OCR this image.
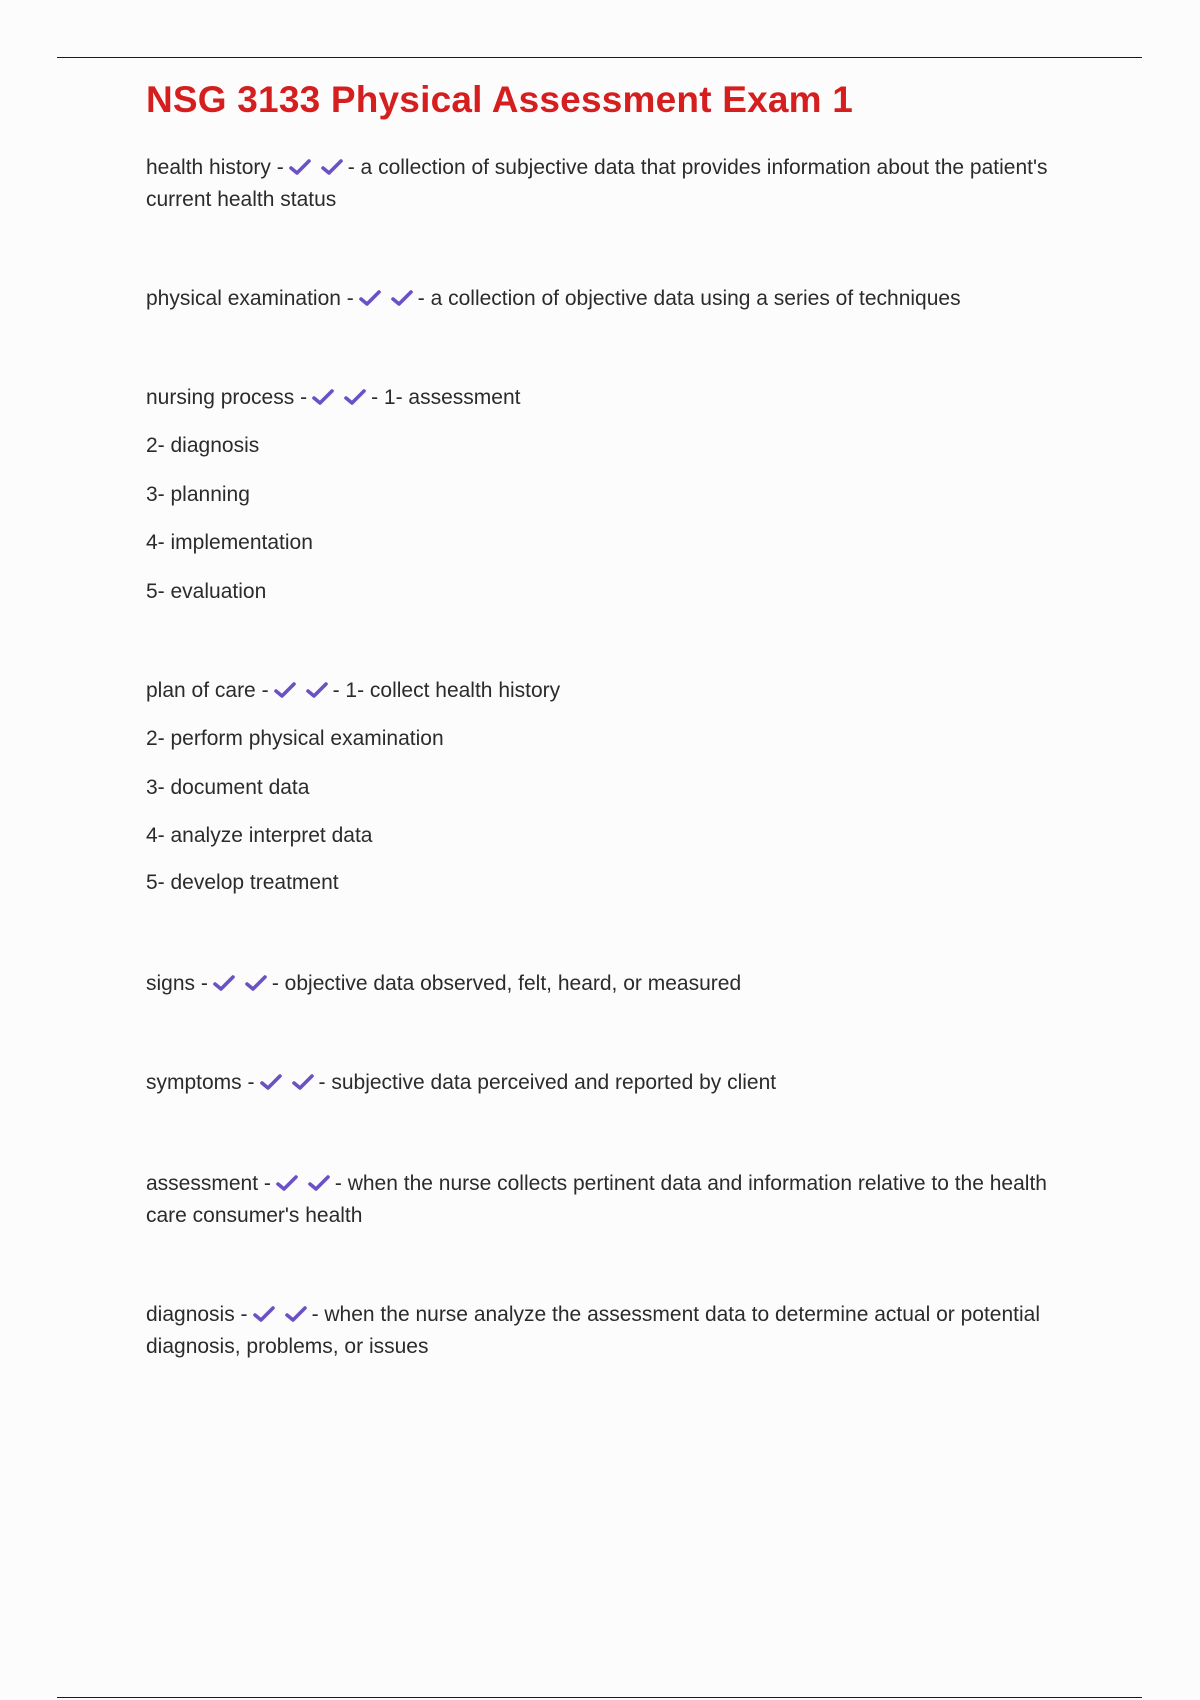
NSG 3133 Physical Assessment Exam 1
health history -	- a collection of subjective data that provides information about the patient's current health status
physical examination -	- a collection of objective data using a series of techniques
nursing process -	- 1- assessment
2- diagnosis
3- planning
4- implementation
5- evaluation
plan of care -	- 1- collect health history
2- perform physical examination
3- document data
4- analyze interpret data
5- develop treatment
signs -	- objective data observed, felt, heard, or measured
symptoms -	- subjective data perceived and reported by client
assessment -	- when the nurse collects pertinent data and information relative to the health care consumer's health
diagnosis -	- when the nurse analyze the assessment data to determine actual or potential diagnosis, problems, or issues
